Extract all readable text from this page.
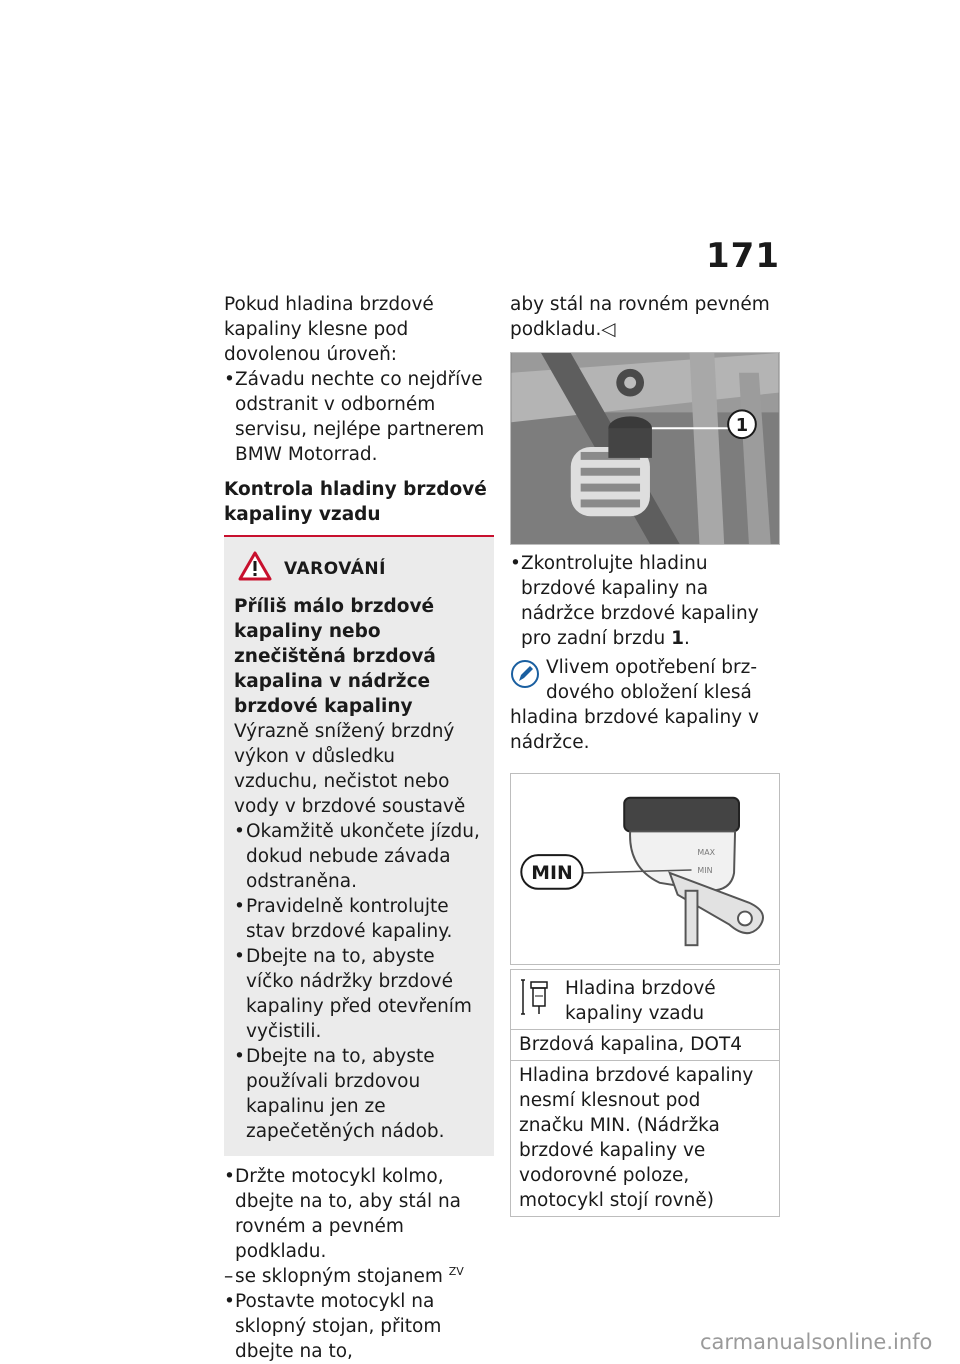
171

Pokud hladina brzdové kapaliny klesne pod dovolenou úroveň:

• Závadu nechte co nejdříve odstranit v odborném servisu, nejlépe partnerem BMW Motorrad.

Kontrola hladiny brzdové kapaliny vzadu

VAROVÁNÍ

Příliš málo brzdové kapaliny nebo znečištěná brzdová kapalina v nádržce brzdové kapaliny

Výrazně snížený brzdný výkon v důsledku vzduchu, nečistot nebo vody v brzdové soustavě

• Okamžitě ukončete jízdu, dokud nebude závada odstraněna.
• Pravidelně kontrolujte stav brzdové kapaliny.
• Dbejte na to, abyste víčko nádržky brzdové kapaliny před otevřením vyčistili.
• Dbejte na to, abyste používali brzdovou kapalinu jen ze zapečetěných nádob.
• Držte motocykl kolmo, dbejte na to, aby stál na rovném a pevném podkladu.
– se sklopným stojanem $^{ZV}$
• Postavte motocykl na sklopný stojan, přitom dbejte na to,

aby stál na rovném pevném podkladu.◁

1
• Zkontrolujte hladinu brzdové kapaliny na nádržce brzdové kapaliny pro zadní brzdu 1.

Vlivem opotřebení brz-

dového obložení klesá

hladina brzdové kapaliny v nádržce.

MAX
MIN
MIN
Hladina brzdové kapaliny vzadu
Brzdová kapalina, DOT4
Hladina brzdové kapaliny nesmí klesnout pod značku MIN. (Nádržka brzdové kapaliny ve vodorovné poloze, motocykl stojí rovně)
carmanualsonline.info
